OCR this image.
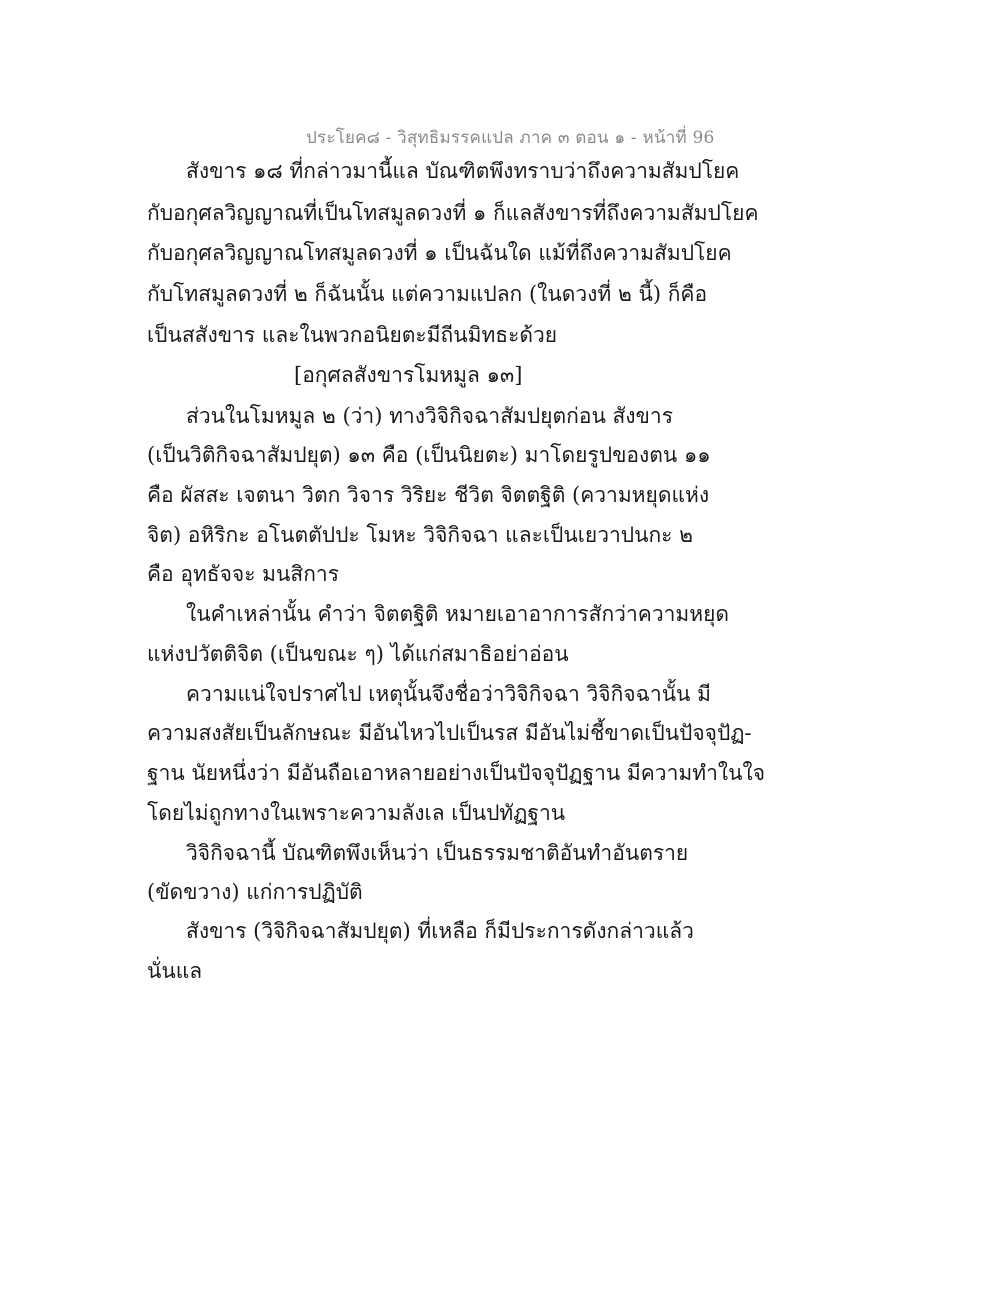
ประโยค๘ - วิสุทธิมรรคแปล ภาค ๓ ตอน ๑ - หน้าที่ 96
สังขาร ๑๘ ที่กล่าวมานี้แล บัณฑิตพึงทราบว่าถึงความสัมปโยค
กับอกุศลวิญญาณที่เป็นโทสมูลดวงที่ ๑ ก็แลสังขารที่ถึงความสัมปโยค
กับอกุศลวิญญาณโทสมูลดวงที่ ๑ เป็นฉันใด แม้ที่ถึงความสัมปโยค
กับโทสมูลดวงที่ ๒ ก็ฉันนั้น แต่ความแปลก (ในดวงที่ ๒ นี้) ก็คือ
เป็นสสังขาร และในพวกอนิยตะมีถีนมิทธะด้วย
[อกุศลสังขารโมหมูล ๑๓]
ส่วนในโมหมูล ๒ (ว่า) ทางวิจิกิจฉาสัมปยุตก่อน สังขาร
(เป็นวิติกิจฉาสัมปยุต) ๑๓ คือ (เป็นนิยตะ) มาโดยรูปของตน ๑๑
คือ ผัสสะ เจตนา วิตก วิจาร วิริยะ ชีวิต จิตตฐิติ (ความหยุดแห่ง
จิต) อหิริกะ อโนตตัปปะ โมหะ วิจิกิจฉา และเป็นเยวาปนกะ ๒
คือ อุทธัจจะ มนสิการ
ในคำเหล่านั้น คำว่า จิตตฐิติ หมายเอาอาการสักว่าความหยุด
แห่งปวัตติจิต (เป็นขณะ ๆ) ได้แก่สมาธิอย่าอ่อน
ความแน่ใจปราศไป เหตุนั้นจึงชื่อว่าวิจิกิจฉา วิจิกิจฉานั้น มี
ความสงสัยเป็นลักษณะ มีอันไหวไปเป็นรส มีอันไม่ชี้ขาดเป็นปัจจุปัฏ-
ฐาน นัยหนึ่งว่า มีอันถือเอาหลายอย่างเป็นปัจจุปัฏฐาน มีความทำในใจ
โดยไม่ถูกทางในเพราะความลังเล เป็นปทัฏฐาน
วิจิกิจฉานี้ บัณฑิตพึงเห็นว่า เป็นธรรมชาติอันทำอันตราย
(ขัดขวาง) แก่การปฏิบัติ
สังขาร (วิจิกิจฉาสัมปยุต) ที่เหลือ ก็มีประการดังกล่าวแล้ว
นั่นแล
